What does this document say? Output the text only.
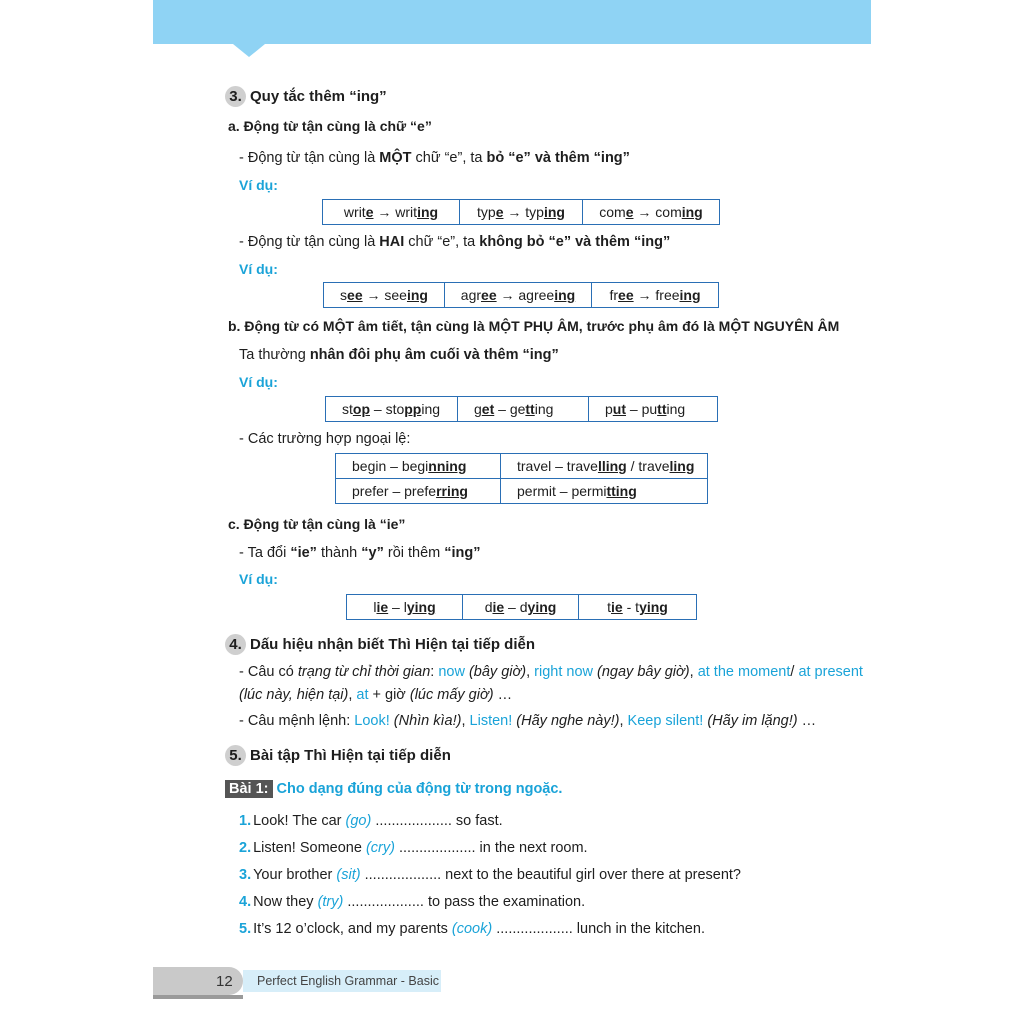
3. Quy tắc thêm “ing”
a. Động từ tận cùng là chữ “e”
- Động từ tận cùng là MỘT chữ “e”, ta bỏ “e” và thêm “ing”
Ví dụ:
write → writing	type → typing	come → coming
- Động từ tận cùng là HAI chữ “e”, ta không bỏ “e” và thêm “ing”
Ví dụ:
see → seeing	agree → agreeing	free → freeing
b. Động từ có MỘT âm tiết, tận cùng là MỘT PHỤ ÂM, trước phụ âm đó là MỘT NGUYÊN ÂM
Ta thường nhân đôi phụ âm cuối và thêm “ing”
Ví dụ:
stop – stopping	get – getting	put – putting
- Các trường hợp ngoại lệ:
begin – beginning	travel – travelling / traveling
prefer – preferring	permit – permitting
c. Động từ tận cùng là “ie”
- Ta đổi “ie” thành “y” rồi thêm “ing”
Ví dụ:
lie – lying	die – dying	tie - tying
4. Dấu hiệu nhận biết Thì Hiện tại tiếp diễn
- Câu có trạng từ chỉ thời gian: now (bây giờ), right now (ngay bây giờ), at the moment/ at present
(lúc này, hiện tại), at + giờ (lúc mấy giờ) …
- Câu mệnh lệnh: Look! (Nhìn kìa!), Listen! (Hãy nghe này!), Keep silent! (Hãy im lặng!) …
5. Bài tập Thì Hiện tại tiếp diễn
Bài 1: Cho dạng đúng của động từ trong ngoặc.
1. Look! The car (go) ................... so fast.
2. Listen! Someone (cry) ................... in the next room.
3. Your brother (sit) ................... next to the beautiful girl over there at present?
4. Now they (try) ................... to pass the examination.
5. It’s 12 o’clock, and my parents (cook) ................... lunch in the kitchen.
12 Perfect English Grammar - Basic
